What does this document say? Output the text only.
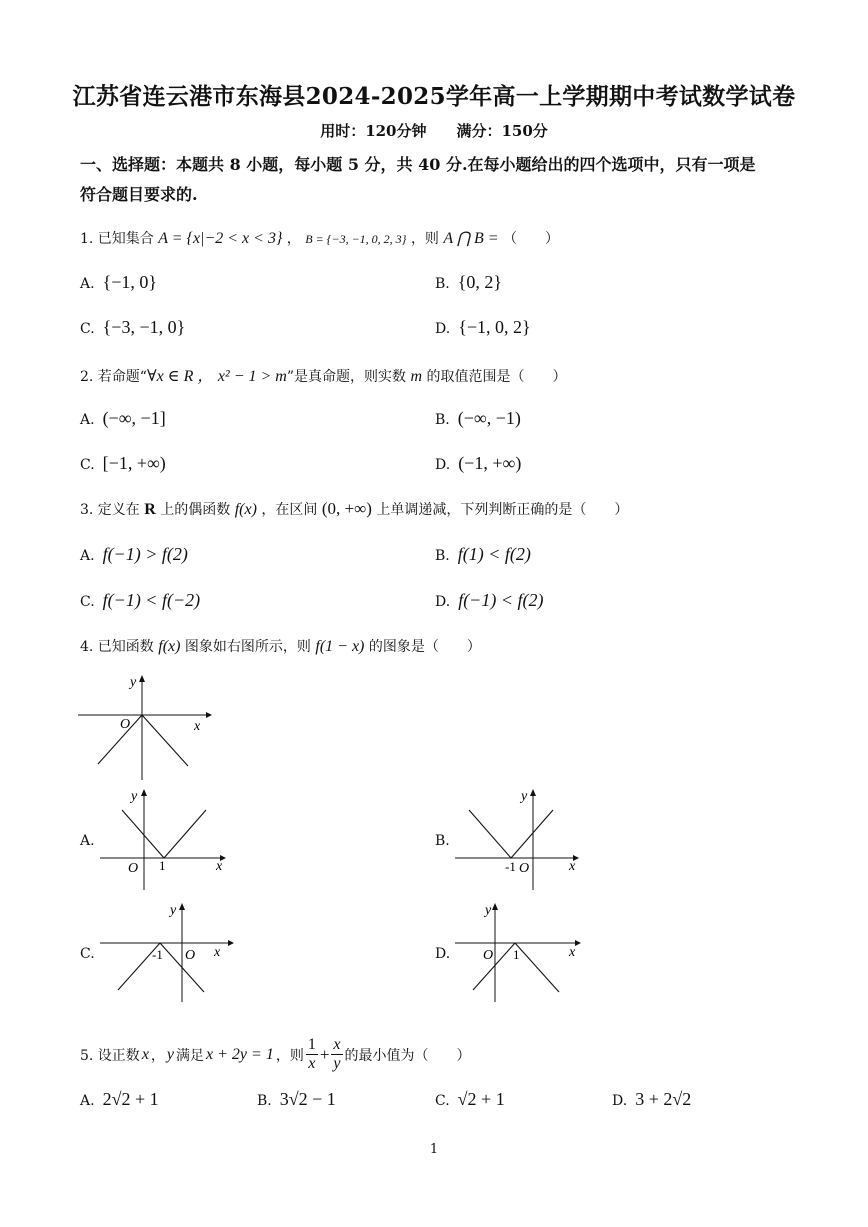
江苏省连云港市东海县2024-2025学年高一上学期期中考试数学试卷
用时：120分钟　　满分：150分
一、选择题：本题共 8 小题，每小题 5 分，共 40 分.在每小题给出的四个选项中，只有一项是
符合题目要求的.
1. 已知集合 A = {x|−2 < x < 3} ， B = {−3, −1, 0, 2, 3} ，则 A ⋂ B = （　　）
A. {−1, 0}	B. {0, 2}
C. {−3, −1, 0}	D. {−1, 0, 2}
2. 若命题“∀x ∈ R ， x² − 1 > m”是真命题，则实数 m 的取值范围是（　　）
A. (−∞, −1]	B. (−∞, −1)
C. [−1, +∞)	D. (−1, +∞)
3. 定义在 R 上的偶函数 f(x) ，在区间 (0, +∞) 上单调递减，下列判断正确的是（　　）
A. f(−1) > f(2)	B. f(1) < f(2)
C. f(−1) < f(−2)	D. f(−1) < f(2)
4. 已知函数 f(x) 图象如右图所示，则 f(1 − x) 的图象是（　　）
y
O	x
A.
y
O 1	x
B.
y
-1 O	x
C.
y
-1 O x	D.
y
O 1	x
5. 设正数 x ， y 满足 x + 2y = 1 ，则 $\frac{1}{x} + \frac{x}{y}$ 的最小值为（　　）
A. 2√2 + 1	B. 3√2 − 1	C. √2 + 1	D. 3 + 2√2
1
